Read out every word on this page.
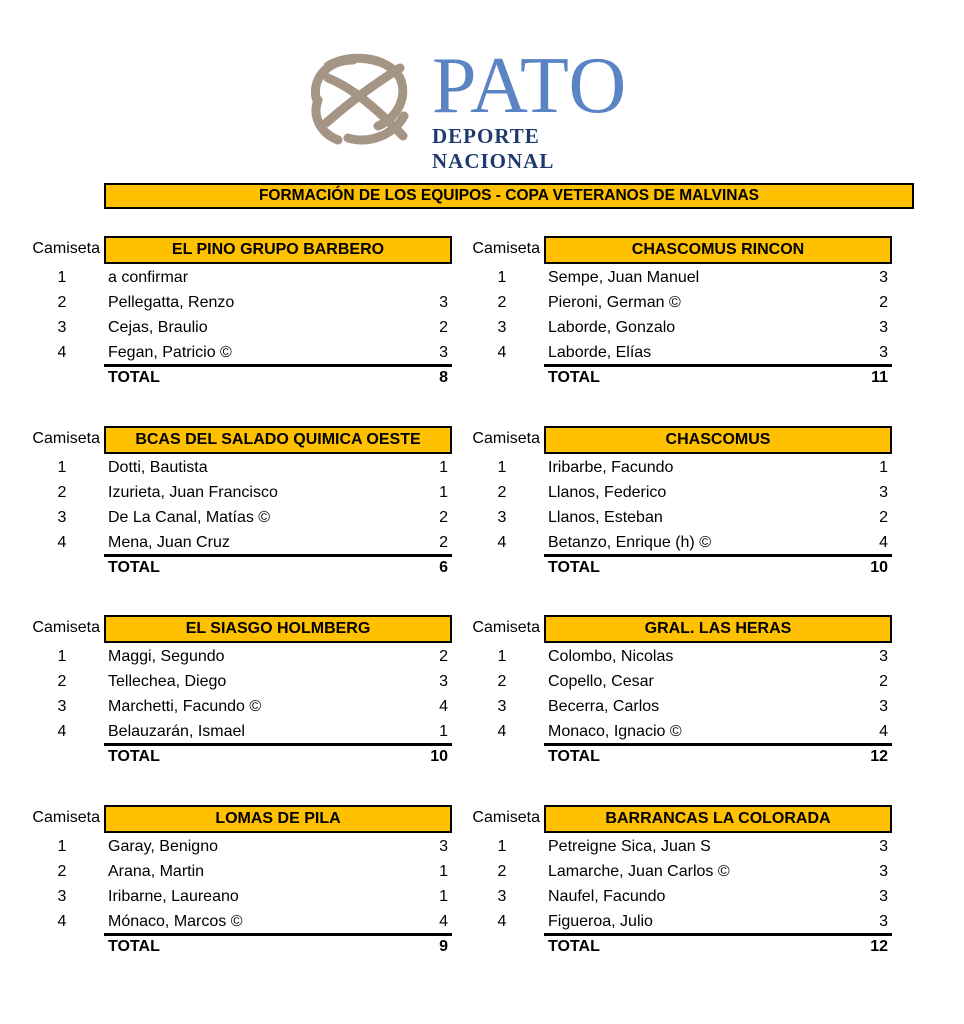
PATO
DEPORTE NACIONAL
FORMACIÓN DE LOS EQUIPOS - COPA VETERANOS DE MALVINAS
Camiseta	EL PINO GRUPO BARBERO
1	a confirmar
2	Pellegatta, Renzo	3
3	Cejas, Braulio	2
4	Fegan, Patricio ©	3
TOTAL	8
Camiseta	CHASCOMUS RINCON
1	Sempe, Juan Manuel	3
2	Pieroni, German ©	2
3	Laborde, Gonzalo	3
4	Laborde, Elías	3
TOTAL	11
Camiseta	BCAS DEL SALADO QUIMICA OESTE
1	Dotti, Bautista	1
2	Izurieta, Juan Francisco	1
3	De La Canal, Matías ©	2
4	Mena, Juan Cruz	2
TOTAL	6
Camiseta	CHASCOMUS
1	Iribarbe, Facundo	1
2	Llanos, Federico	3
3	Llanos, Esteban	2
4	Betanzo, Enrique (h) ©	4
TOTAL	10
Camiseta	EL SIASGO HOLMBERG
1	Maggi, Segundo	2
2	Tellechea, Diego	3
3	Marchetti, Facundo ©	4
4	Belauzarán, Ismael	1
TOTAL	10
Camiseta	GRAL. LAS HERAS
1	Colombo, Nicolas	3
2	Copello, Cesar	2
3	Becerra, Carlos	3
4	Monaco, Ignacio ©	4
TOTAL	12
Camiseta	LOMAS DE PILA
1	Garay, Benigno	3
2	Arana, Martin	1
3	Iribarne, Laureano	1
4	Mónaco, Marcos ©	4
TOTAL	9
Camiseta	BARRANCAS LA COLORADA
1	Petreigne Sica, Juan S	3
2	Lamarche, Juan Carlos ©	3
3	Naufel, Facundo	3
4	Figueroa, Julio	3
TOTAL	12
